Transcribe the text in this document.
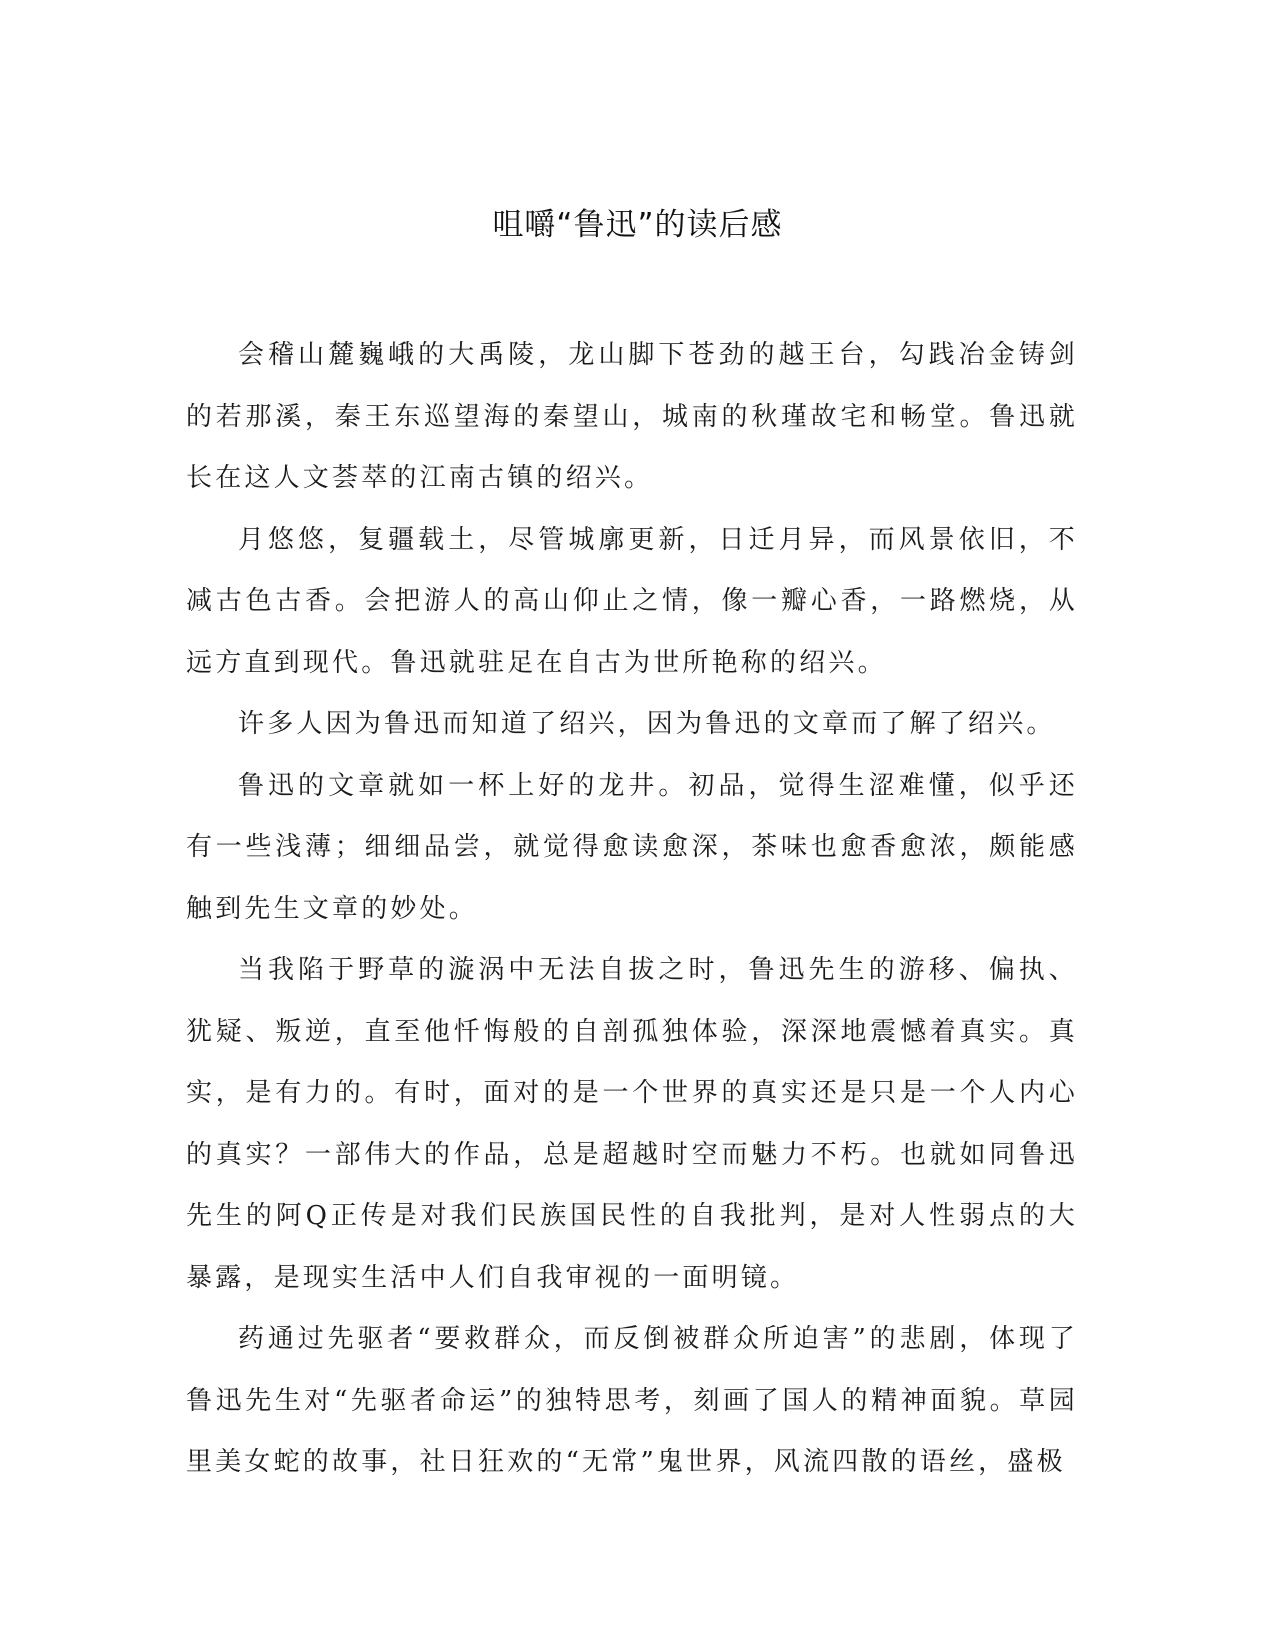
咀嚼“鲁迅”的读后感

会稽山麓巍峨的大禹陵，龙山脚下苍劲的越王台，勾践冶金铸剑的若那溪，秦王东巡望海的秦望山，城南的秋瑾故宅和畅堂。鲁迅就长在这人文荟萃的江南古镇的绍兴。

月悠悠，复疆载土，尽管城廓更新，日迁月异，而风景依旧，不减古色古香。会把游人的高山仰止之情，像一瓣心香，一路燃烧，从远方直到现代。鲁迅就驻足在自古为世所艳称的绍兴。

许多人因为鲁迅而知道了绍兴，因为鲁迅的文章而了解了绍兴。

鲁迅的文章就如一杯上好的龙井。初品，觉得生涩难懂，似乎还有一些浅薄；细细品尝，就觉得愈读愈深，茶味也愈香愈浓，颇能感触到先生文章的妙处。

当我陷于野草的漩涡中无法自拔之时，鲁迅先生的游移、偏执、犹疑、叛逆，直至他忏悔般的自剖孤独体验，深深地震憾着真实。真实，是有力的。有时，面对的是一个世界的真实还是只是一个人内心的真实？一部伟大的作品，总是超越时空而魅力不朽。也就如同鲁迅先生的阿Q正传是对我们民族国民性的自我批判，是对人性弱点的大暴露，是现实生活中人们自我审视的一面明镜。

药通过先驱者“要救群众，而反倒被群众所迫害”的悲剧，体现了鲁迅先生对“先驱者命运”的独特思考，刻画了国人的精神面貌。草园里美女蛇的故事，社日狂欢的“无常”鬼世界，风流四散的语丝，盛极
